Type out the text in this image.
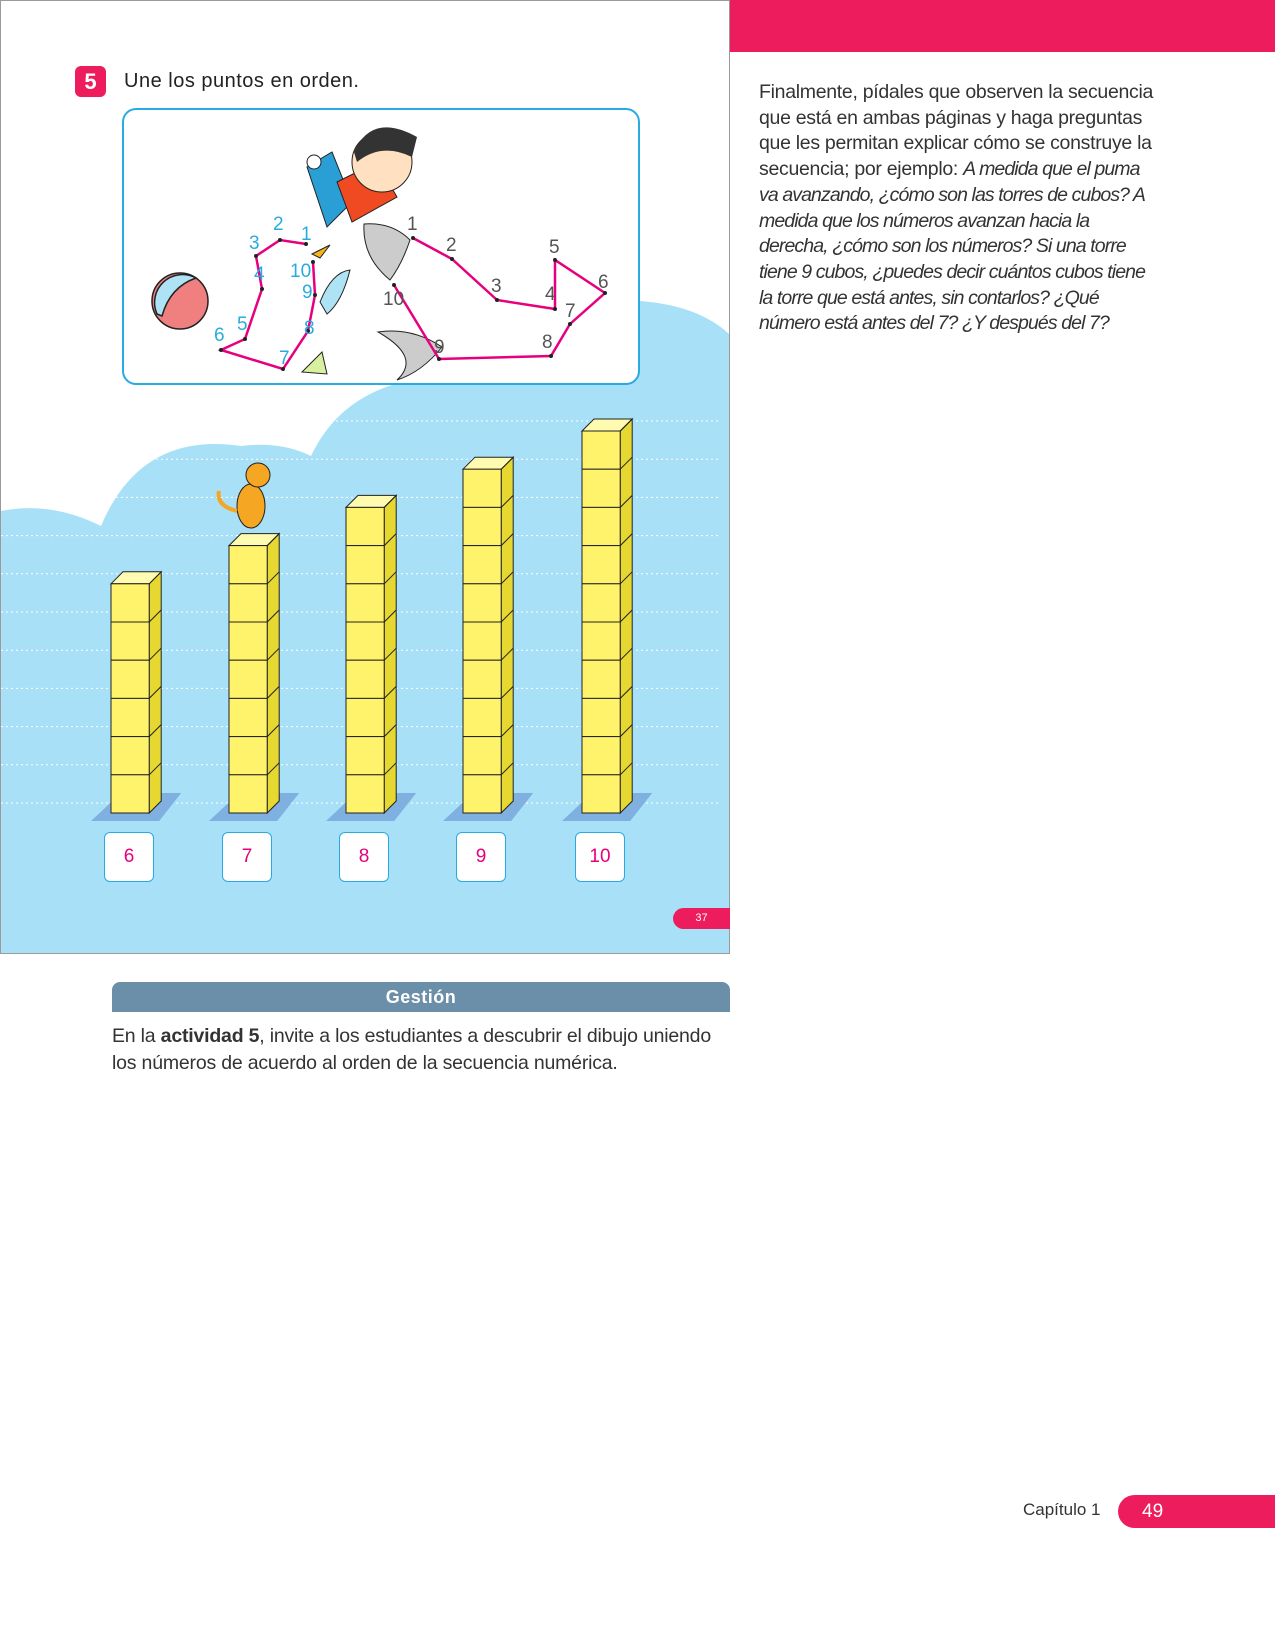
5	Une los puntos en orden.
1
2
3
4
5
6
7
8
9
10
1
2
3 4
5
6
7
8
9
10
6	7	8	9	10
37
Finalmente, pídales que observen la secuencia que está en ambas páginas y haga preguntas que les permitan explicar cómo se construye la secuencia; por ejemplo: A medida que el puma va avanzando, ¿cómo son las torres de cubos? A medida que los números avanzan hacia la derecha, ¿cómo son los números? Si una torre tiene 9 cubos, ¿puedes decir cuántos cubos tiene la torre que está antes, sin contarlos? ¿Qué número está antes del 7? ¿Y después del 7?
Gestión
En la actividad 5, invite a los estudiantes a descubrir el dibujo uniendo los números de acuerdo al orden de la secuencia numérica.
Capítulo 1	49
